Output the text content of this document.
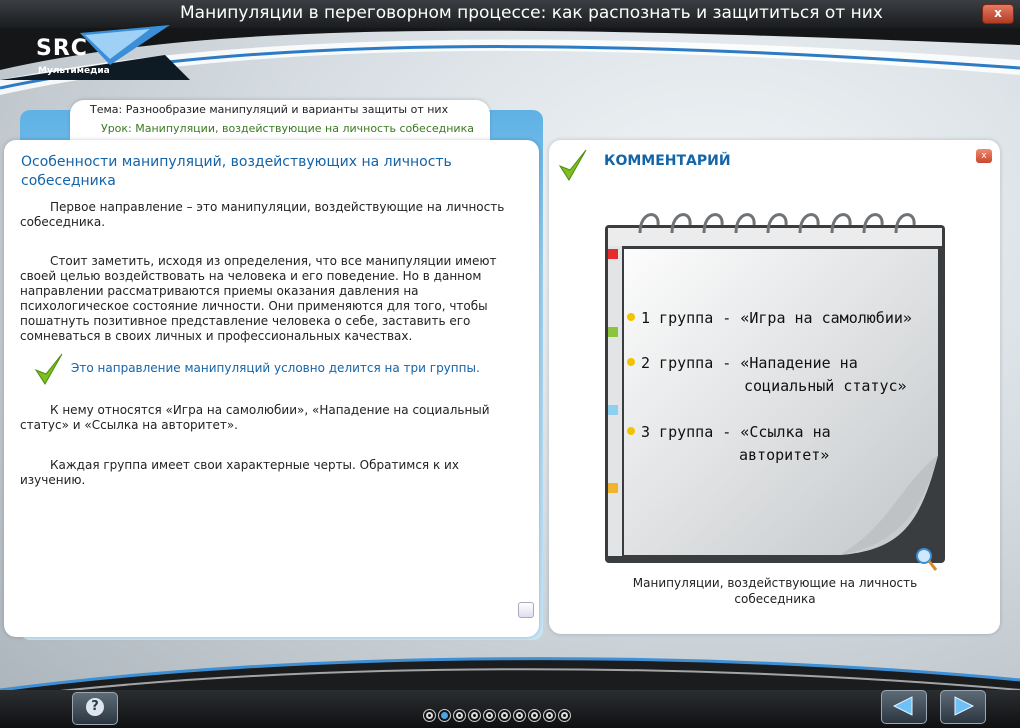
Манипуляции в переговорном процессе: как распознать и защититься от них	x
SRC
Мультимедиа
Тема: Разнообразие манипуляций и варианты защиты от них
Урок: Манипуляции, воздействующие на личность собеседника
Особенности манипуляций, воздействующих на личность собеседника

Первое направление – это манипуляции, воздействующие на личность собеседника.

Стоит заметить, исходя из определения, что все манипуляции имеют своей целью воздействовать на человека и его поведение. Но в данном направлении рассматриваются приемы оказания давления на психологическое состояние личности. Они применяются для того, чтобы пошатнуть позитивное представление человека о себе, заставить его сомневаться в своих личных и профессиональных качествах.

Это направление манипуляций условно делится на три группы.

К нему относятся «Игра на самолюбии», «Нападение на социальный статус» и «Ссылка на авторитет».

Каждая группа имеет свои характерные черты. Обратимся к их изучению.

КОММЕНТАРИЙ	x
1 группа - «Игра на самолюбии»
2 группа - «Нападение на
социальный статус»
3 группа - «Ссылка на
авторитет»
Манипуляции, воздействующие на личность собеседника
?
